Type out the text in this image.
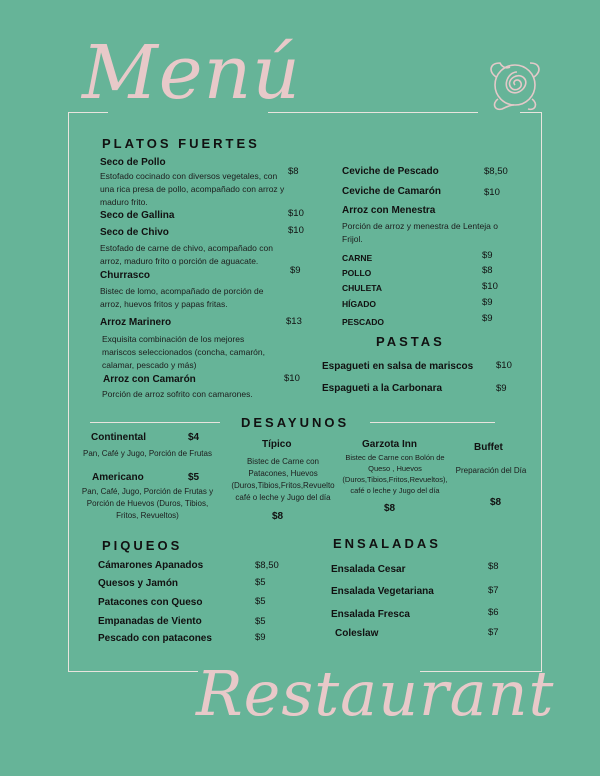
Menú
PLATOS FUERTES
Seco de Pollo
$8
Estofado cocinado con diversos vegetales, con una rica presa de pollo, acompañado con arroz y maduro frito.
Seco de Gallina	$10
Seco de Chivo	$10
Estofado de carne de chivo, acompañado con arroz, maduro frito o porción de aguacate.
Churrasco	$9
Bistec de lomo, acompañado de porción de arroz, huevos fritos y papas fritas.
Arroz Marinero	$13
Exquisita combinación de los mejores mariscos seleccionados (concha, camarón, calamar, pescado y más)
Arroz con Camarón	$10
Porción de arroz sofrito con camarones.
Ceviche de Pescado	$8,50
Ceviche de Camarón	$10
Arroz con Menestra
Porción de arroz y menestra de Lenteja o Frijol.
CARNE	$9
POLLO	$8
CHULETA	$10
HÍGADO	$9
PESCADO	$9
PASTAS
Espagueti en salsa de mariscos $10
Espagueti a la Carbonara	$9
DESAYUNOS
Continental	$4
Pan, Café y Jugo, Porción de Frutas
Americano	$5
Pan, Café, Jugo, Porción de Frutas y Porción de Huevos (Duros, Tibios, Fritos, Revueltos)
Típico
Bistec de Carne con Patacones, Huevos (Duros,Tibios,Fritos,Revuelto café o leche y Jugo del día
$8
Garzota Inn
Bistec de Carne con Bolón de Queso , Huevos (Duros,Tibios,Fritos,Revueltos), café o leche y Jugo del día
$8
Buffet
Preparación del Día
$8
PIQUEOS
Cámarones Apanados	$8,50
Quesos y Jamón	$5
Patacones con Queso	$5
Empanadas de Viento	$5
Pescado con patacones	$9
ENSALADAS
Ensalada Cesar	$8
Ensalada Vegetariana	$7
Ensalada Fresca	$6
Coleslaw	$7
Restaurant
